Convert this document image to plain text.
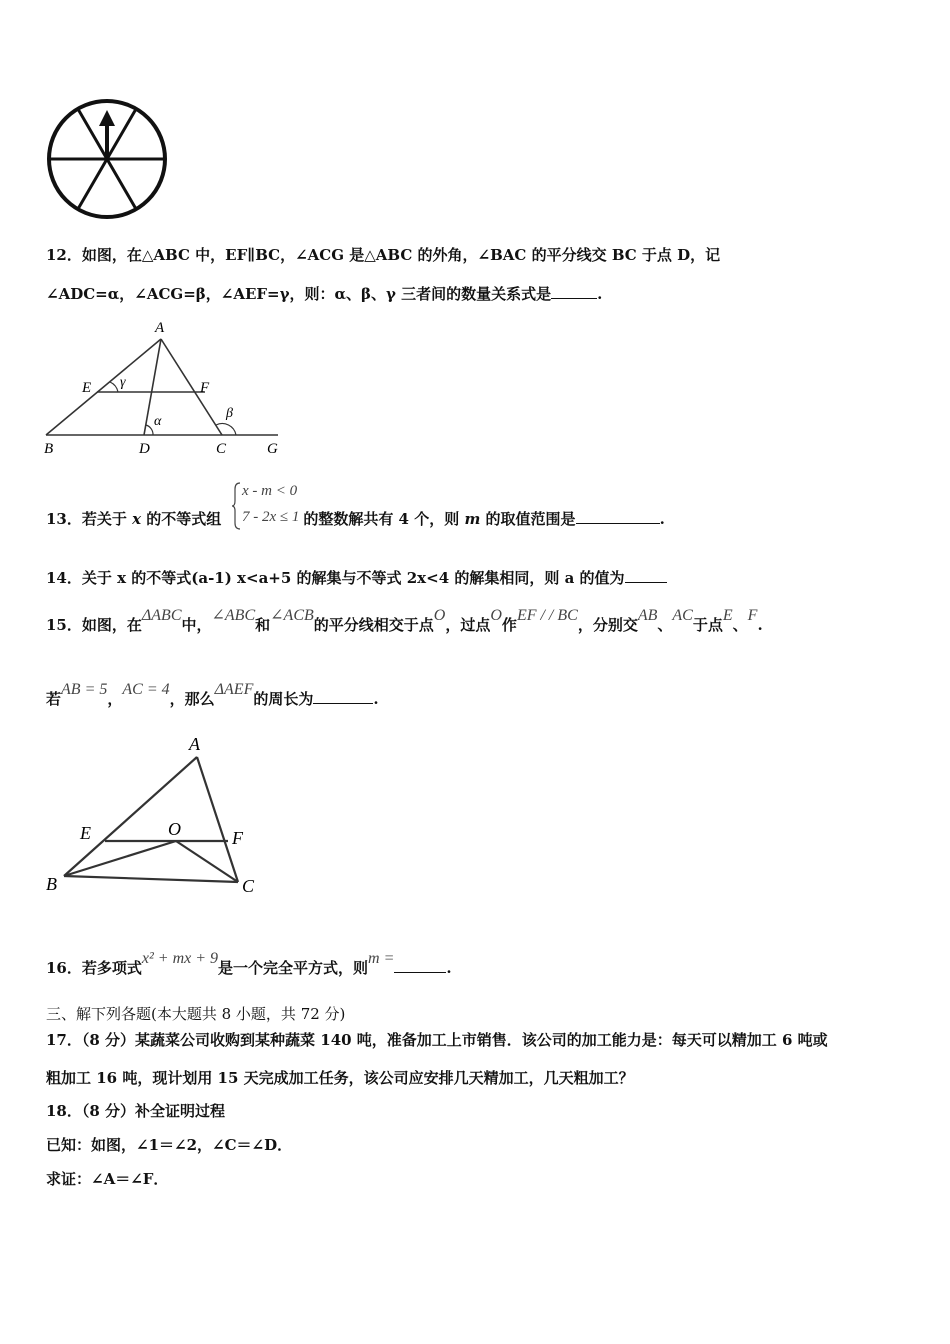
12．如图，在△ABC 中，EF∥BC，∠ACG 是△ABC 的外角，∠BAC 的平分线交 BC 于点 D，记
∠ADC=α，∠ACG=β，∠AEF=γ，则：α、β、γ 三者间的数量关系式是	.
A
B	D	C	G
E	F
γ
α
β
13．若关于 x 的不等式组	的整数解共有 4 个，则 m 的取值范围是	.
x - m < 0
7 - 2x ≤ 1
14．关于 x 的不等式(a-1) x<a+5 的解集与不等式 2x<4 的解集相同，则 a 的值为
15．如图，在ΔABC中，∠ABC和∠ACB的平分线相交于点O，过点O作EF / / BC，分别交AB、AC于点E、F.
若AB = 5，AC = 4，那么ΔAEF的周长为	.
A
B	C
E	O	F
16．若多项式x² + mx + 9是一个完全平方式，则m =.
三、解下列各题(本大题共 8 小题，共 72 分)
17．（8 分）某蔬菜公司收购到某种蔬菜 140 吨，准备加工上市销售．该公司的加工能力是：每天可以精加工 6 吨或
粗加工 16 吨，现计划用 15 天完成加工任务，该公司应安排几天精加工，几天粗加工？
18．（8 分）补全证明过程
已知：如图，∠1＝∠2，∠C＝∠D．
求证：∠A＝∠F．
